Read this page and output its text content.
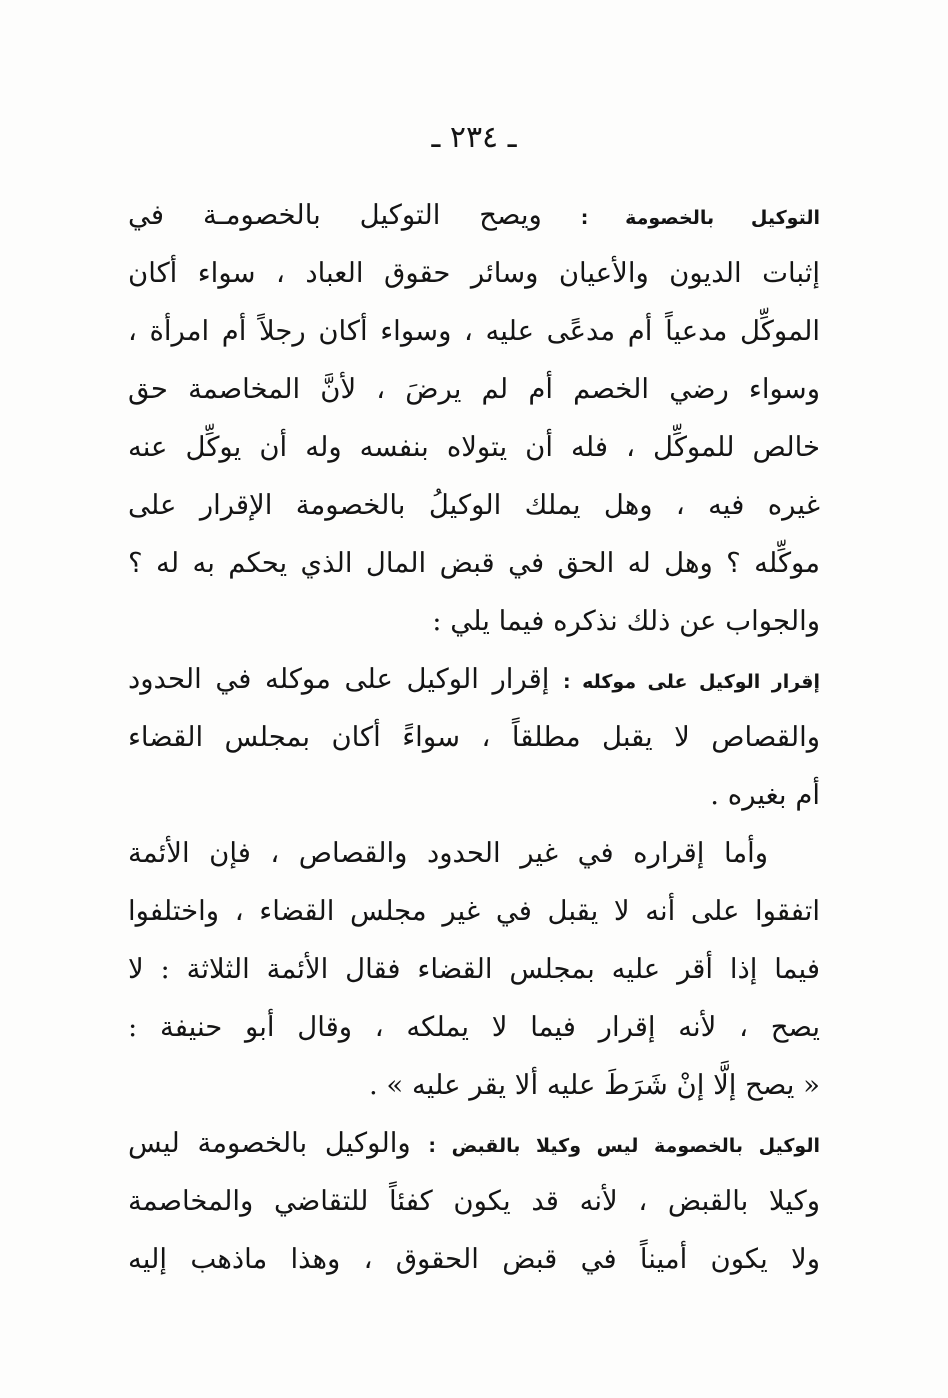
ـ ٢٣٤ ـ
التوكيل بالخصومة : ويصح التوكيل بالخصومـة في
إثبات الديون والأعيان وسائر حقوق العباد ، سواء أكان
الموكِّل مدعياً أم مدعًى عليه ، وسواء أكان رجلاً أم امرأة ،
وسواء رضي الخصم أم لم يرضَ ، لأنَّ المخاصمة حق
خالص للموكِّل ، فله أن يتولاه بنفسه وله أن يوكِّل عنه
غيره فيه ، وهل يملك الوكيلُ بالخصومة الإقرار على
موكِّله ؟ وهل له الحق في قبض المال الذي يحكم به له ؟
والجواب عن ذلك نذكره فيما يلي :
إقرار الوكيل على موكله : إقرار الوكيل على موكله في الحدود
والقصاص لا يقبل مطلقاً ، سواءً أكان بمجلس القضاء
أم بغيره .
وأما إقراره في غير الحدود والقصاص ، فإن الأئمة
اتفقوا على أنه لا يقبل في غير مجلس القضاء ، واختلفوا
فيما إذا أقر عليه بمجلس القضاء فقال الأئمة الثلاثة : لا
يصح ، لأنه إقرار فيما لا يملكه ، وقال أبو حنيفة :
« يصح إلَّا إنْ شَرَطَ عليه ألا يقر عليه » .
الوكيل بالخصومة ليس وكيلا بالقبض : والوكيل بالخصومة ليس
وكيلا بالقبض ، لأنه قد يكون كفئاً للتقاضي والمخاصمة
ولا يكون أميناً في قبض الحقوق ، وهذا ماذهب إليه
